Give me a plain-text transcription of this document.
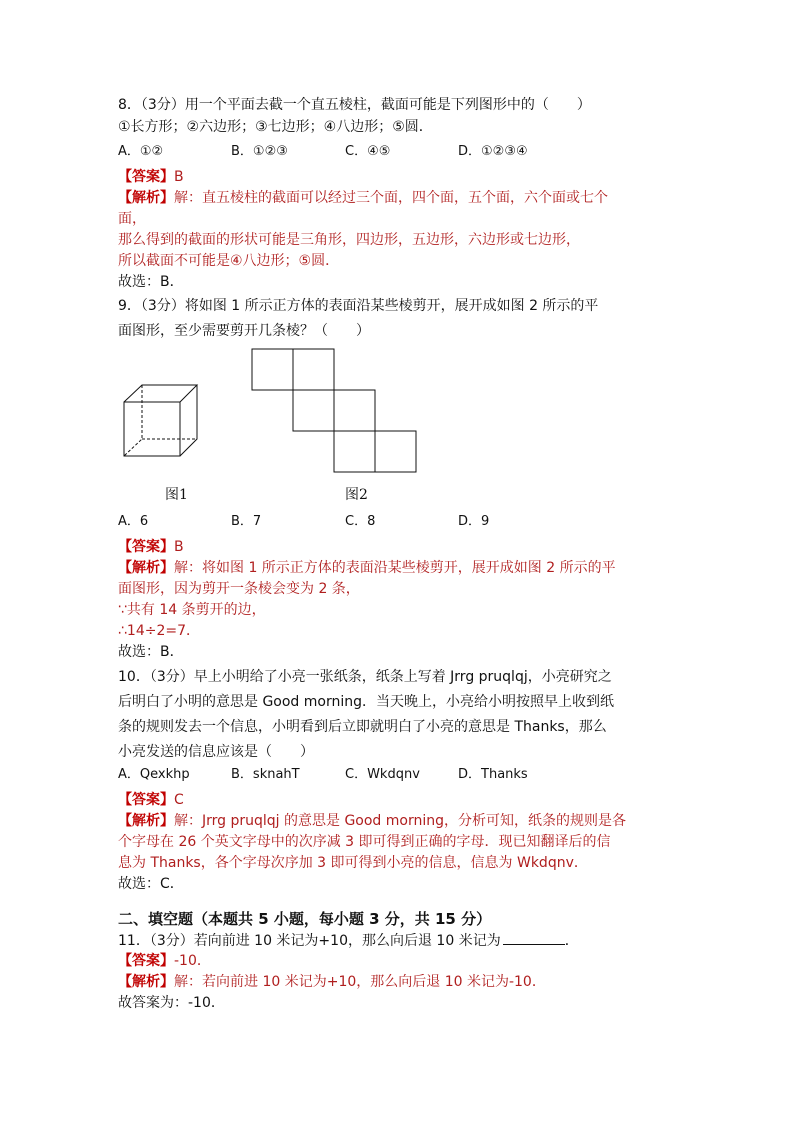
8．（3分）用一个平面去截一个直五棱柱，截面可能是下列图形中的（　　）
①长方形；②六边形；③七边形；④八边形；⑤圆．
A．①②	B．①②③	C．④⑤	D．①②③④
【答案】B
【解析】解：直五棱柱的截面可以经过三个面，四个面，五个面，六个面或七个
面，
那么得到的截面的形状可能是三角形，四边形，五边形，六边形或七边形，
所以截面不可能是④八边形；⑤圆．
故选：B．
9．（3分）将如图 1 所示正方体的表面沿某些棱剪开，展开成如图 2 所示的平
面图形，至少需要剪开几条棱？（　　）
图1	图2
A．6	B．7	C．8	D．9
【答案】B
【解析】解：将如图 1 所示正方体的表面沿某些棱剪开，展开成如图 2 所示的平
面图形，因为剪开一条棱会变为 2 条，
∵共有 14 条剪开的边，
∴14÷2=7．
故选：B．
10．（3分）早上小明给了小亮一张纸条，纸条上写着 Jrrg pruqlqj，小亮研究之
后明白了小明的意思是 Good morning．当天晚上，小亮给小明按照早上收到纸
条的规则发去一个信息，小明看到后立即就明白了小亮的意思是 Thanks，那么
小亮发送的信息应该是（　　）
A．Qexkhp	B．sknahT	C．Wkdqnv	D．Thanks
【答案】C
【解析】解：Jrrg pruqlqj 的意思是 Good morning，分析可知，纸条的规则是各
个字母在 26 个英文字母中的次序减 3 即可得到正确的字母．现已知翻译后的信
息为 Thanks，各个字母次序加 3 即可得到小亮的信息，信息为 Wkdqnv．
故选：C．
二、填空题（本题共 5 小题，每小题 3 分，共 15 分）
11．（3分）若向前进 10 米记为+10，那么向后退 10 米记为	．
【答案】-10．
【解析】解：若向前进 10 米记为+10，那么向后退 10 米记为-10．
故答案为：-10．
